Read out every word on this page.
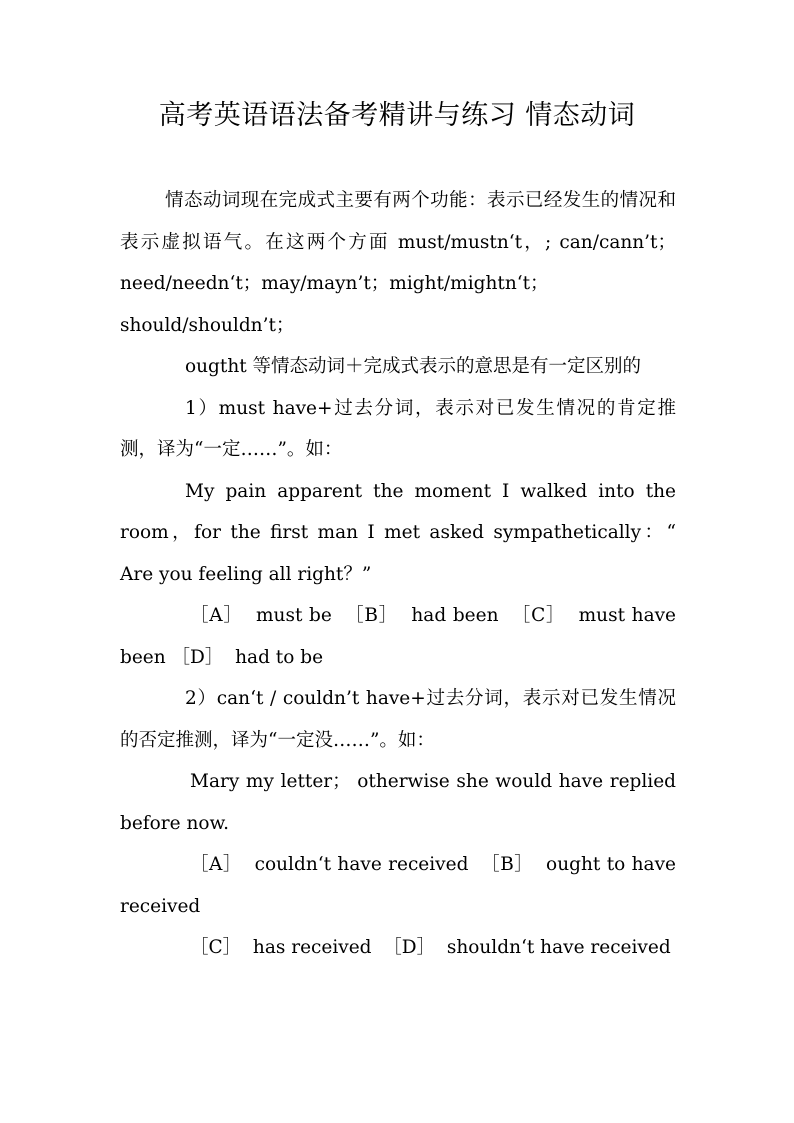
高考英语语法备考精讲与练习 情态动词

情态动词现在完成式主要有两个功能：表示已经发生的情况和表示虚拟语气。在这两个方面 must/mustn‘t，; can/cann’t；need/needn‘t；may/mayn’t；might/mightn‘t；should/shouldn’t；

ougtht 等情态动词＋完成式表示的意思是有一定区别的

1）must have+过去分词，表示对已发生情况的肯定推测，译为“一定……”。如：

My pain apparent the moment I walked into the room，for the first man I met asked sympathetically：“ Are you feeling all right？”

［A］  must be  ［B］  had been  ［C］  must have been ［D］  had to be

2）can‘t / couldn’t have+过去分词，表示对已发生情况的否定推测，译为“一定没……”。如：

Mary my letter； otherwise she would have replied before now.

［A］  couldn‘t have received  ［B］  ought to have received

［C］  has received  ［D］  shouldn‘t have received
